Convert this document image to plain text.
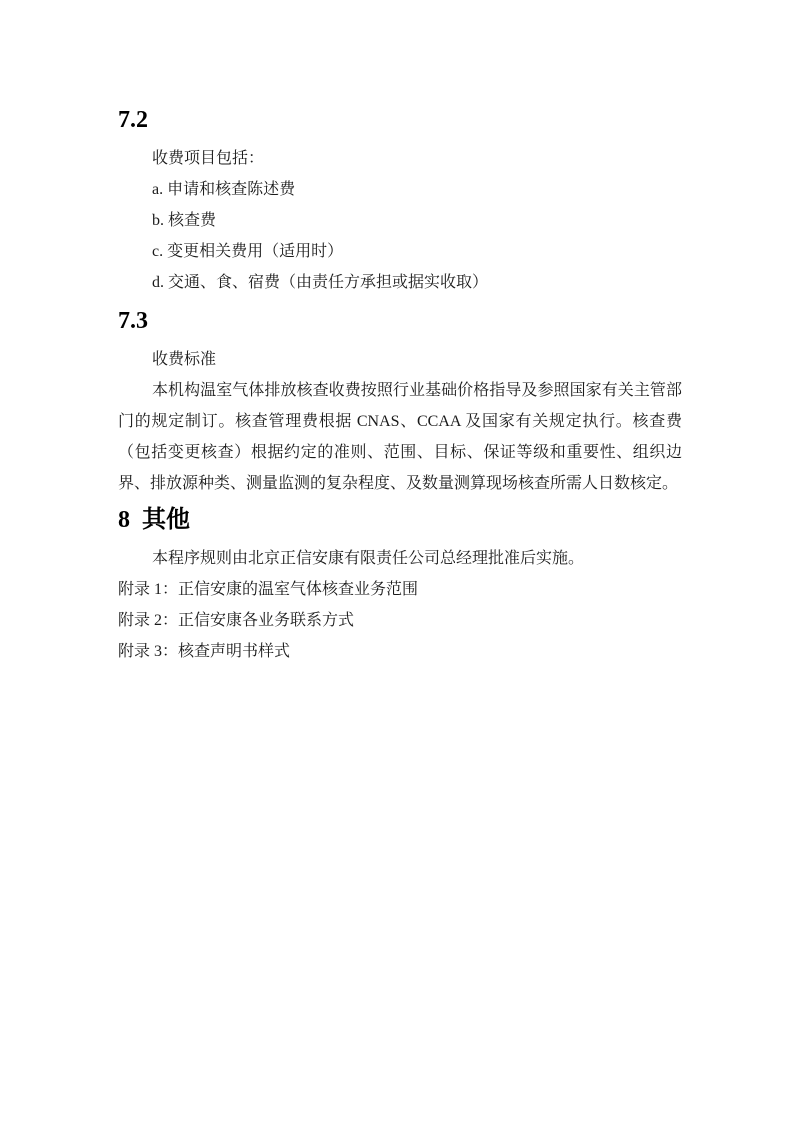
7.2

收费项目包括：

a. 申请和核查陈述费

b. 核查费

c. 变更相关费用（适用时）

d. 交通、食、宿费（由责任方承担或据实收取）

7.3

收费标准

本机构温室气体排放核查收费按照行业基础价格指导及参照国家有关主管部门的规定制订。核查管理费根据 CNAS、CCAA 及国家有关规定执行。核查费（包括变更核查）根据约定的准则、范围、目标、保证等级和重要性、组织边界、排放源种类、测量监测的复杂程度、及数量测算现场核查所需人日数核定。

8 其他

本程序规则由北京正信安康有限责任公司总经理批准后实施。

附录 1：正信安康的温室气体核查业务范围

附录 2：正信安康各业务联系方式

附录 3：核查声明书样式
